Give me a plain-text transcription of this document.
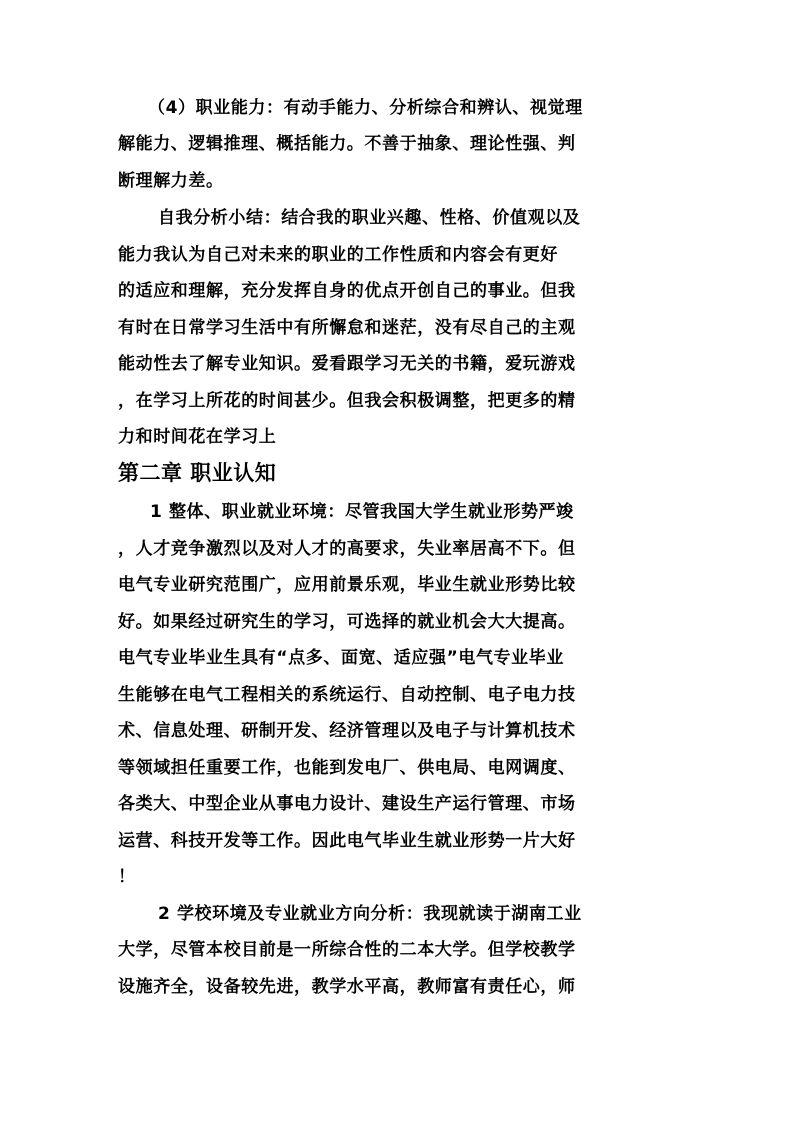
（4）职业能力：有动手能力、分析综合和辨认、视觉理
解能力、逻辑推理、概括能力。不善于抽象、理论性强、判
断理解力差。
自我分析小结：结合我的职业兴趣、性格、价值观以及
能力我认为自己对未来的职业的工作性质和内容会有更好
的适应和理解，充分发挥自身的优点开创自己的事业。但我
有时在日常学习生活中有所懈怠和迷茫，没有尽自己的主观
能动性去了解专业知识。爱看跟学习无关的书籍，爱玩游戏
，在学习上所花的时间甚少。但我会积极调整，把更多的精
力和时间花在学习上
第二章 职业认知
1 整体、职业就业环境：尽管我国大学生就业形势严竣
，人才竞争激烈以及对人才的高要求，失业率居高不下。但
电气专业研究范围广，应用前景乐观，毕业生就业形势比较
好。如果经过研究生的学习，可选择的就业机会大大提高。
电气专业毕业生具有“点多、面宽、适应强”电气专业毕业
生能够在电气工程相关的系统运行、自动控制、电子电力技
术、信息处理、研制开发、经济管理以及电子与计算机技术
等领域担任重要工作，也能到发电厂、供电局、电网调度、
各类大、中型企业从事电力设计、建设生产运行管理、市场
运营、科技开发等工作。因此电气毕业生就业形势一片大好
！
2 学校环境及专业就业方向分析：我现就读于湖南工业
大学，尽管本校目前是一所综合性的二本大学。但学校教学
设施齐全，设备较先进，教学水平高，教师富有责任心，师
